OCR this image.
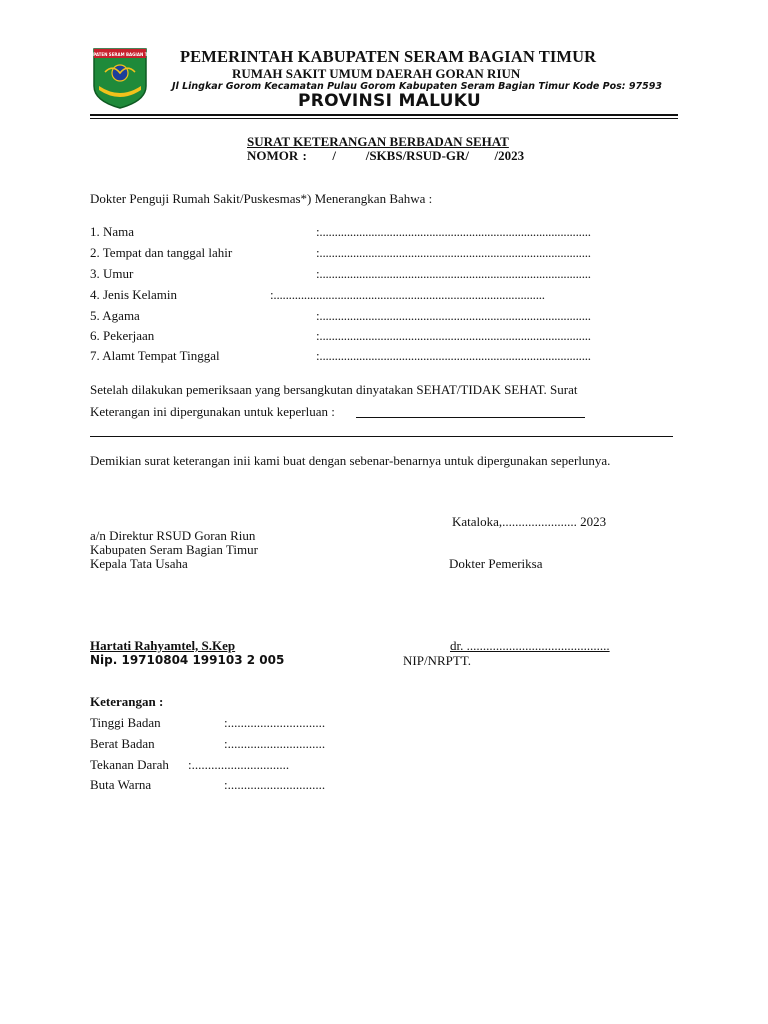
KABUPATEN SERAM BAGIAN TIMUR PEMERINTAH KABUPATEN SERAM BAGIAN TIMUR
RUMAH SAKIT UMUM DAERAH GORAN RIUN
Jl Lingkar Gorom Kecamatan Pulau Gorom Kabupaten Seram Bagian Timur Kode Pos: 97593
PROVINSI MALUKU
SURAT KETERANGAN BERBADAN SEHAT
NOMOR :      /       /SKBS/RSUD-GR/      /2023
Dokter Penguji Rumah Sakit/Puskesmas*) Menerangkan Bahwa :
1. Nama	:.........................................................................................
2. Tempat dan tanggal lahir	:.........................................................................................
3. Umur	:.........................................................................................
4. Jenis Kelamin	:.........................................................................................
5. Agama	:.........................................................................................
6. Pekerjaan	:.........................................................................................
7. Alamt Tempat Tinggal	:.........................................................................................
Setelah dilakukan pemeriksaan yang bersangkutan dinyatakan SEHAT/TIDAK SEHAT. Surat
Keterangan ini dipergunakan untuk keperluan :
Demikian surat keterangan inii kami buat dengan sebenar-benarnya untuk dipergunakan seperlunya.
Kataloka,....................... 2023
a/n Direktur RSUD Goran Riun
Kabupaten Seram Bagian Timur
Kepala Tata Usaha	Dokter Pemeriksa
Hartati Rahyamtel, S.Kep	dr. ............................................
Nip. 19710804 199103 2 005	NIP/NRPTT.
Keterangan :
Tinggi Badan	:..............................
Berat Badan	:..............................
Tekanan Darah :..............................
Buta Warna	:..............................
